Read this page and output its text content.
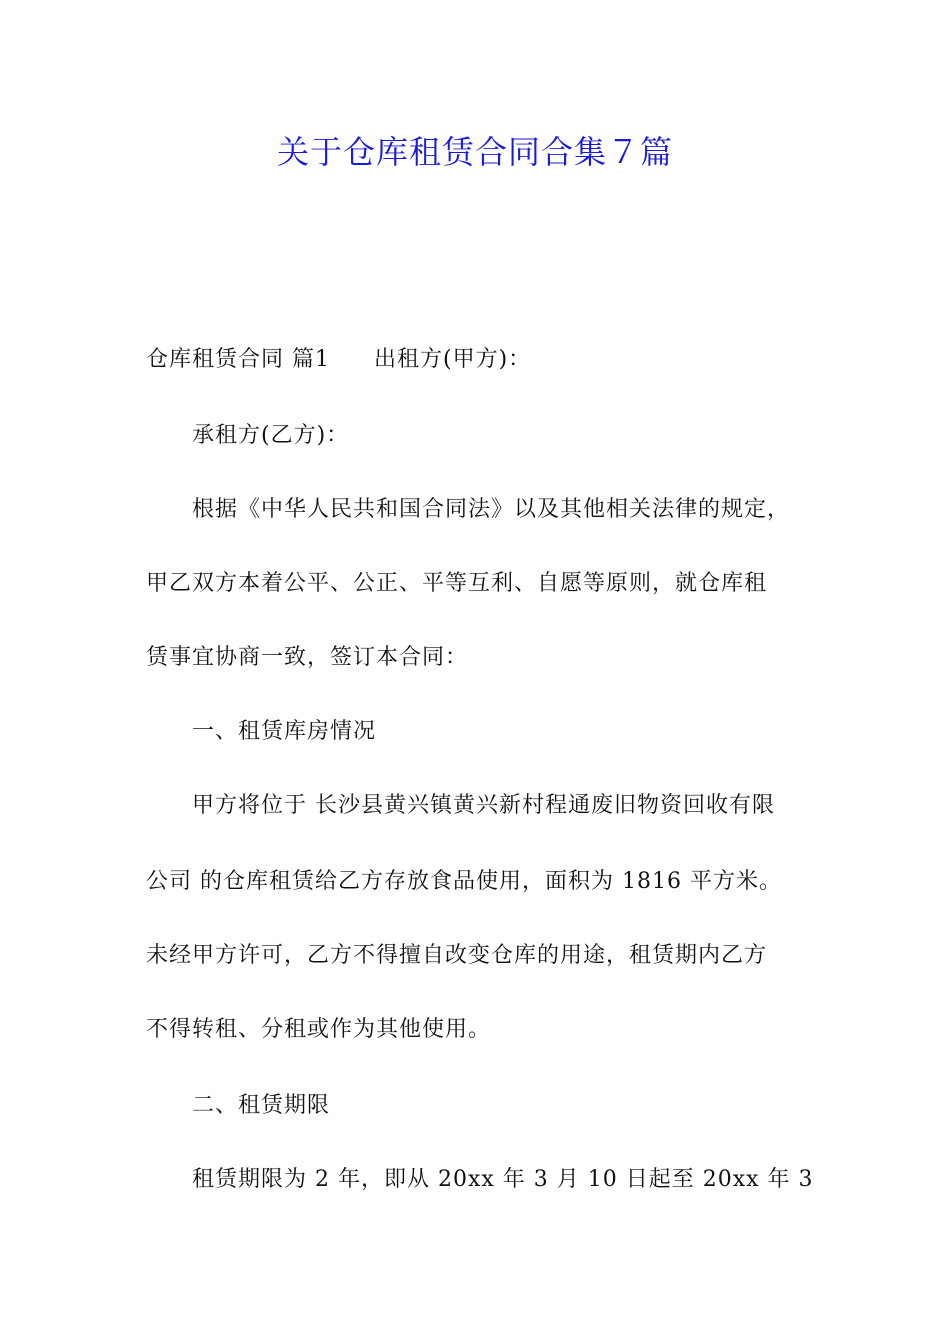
关于仓库租赁合同合集７篇
仓库租赁合同 篇1 出租方(甲方)：
承租方(乙方)：
根据《中华人民共和国合同法》以及其他相关法律的规定，
甲乙双方本着公平、公正、平等互利、自愿等原则，就仓库租
赁事宜协商一致，签订本合同：
一、租赁库房情况
甲方将位于 长沙县黄兴镇黄兴新村程通废旧物资回收有限
公司 的仓库租赁给乙方存放食品使用，面积为 1816 平方米。
未经甲方许可，乙方不得擅自改变仓库的用途，租赁期内乙方
不得转租、分租或作为其他使用。
二、租赁期限
租赁期限为 2 年，即从 20xx 年 3 月 10 日起至 20xx 年 3
